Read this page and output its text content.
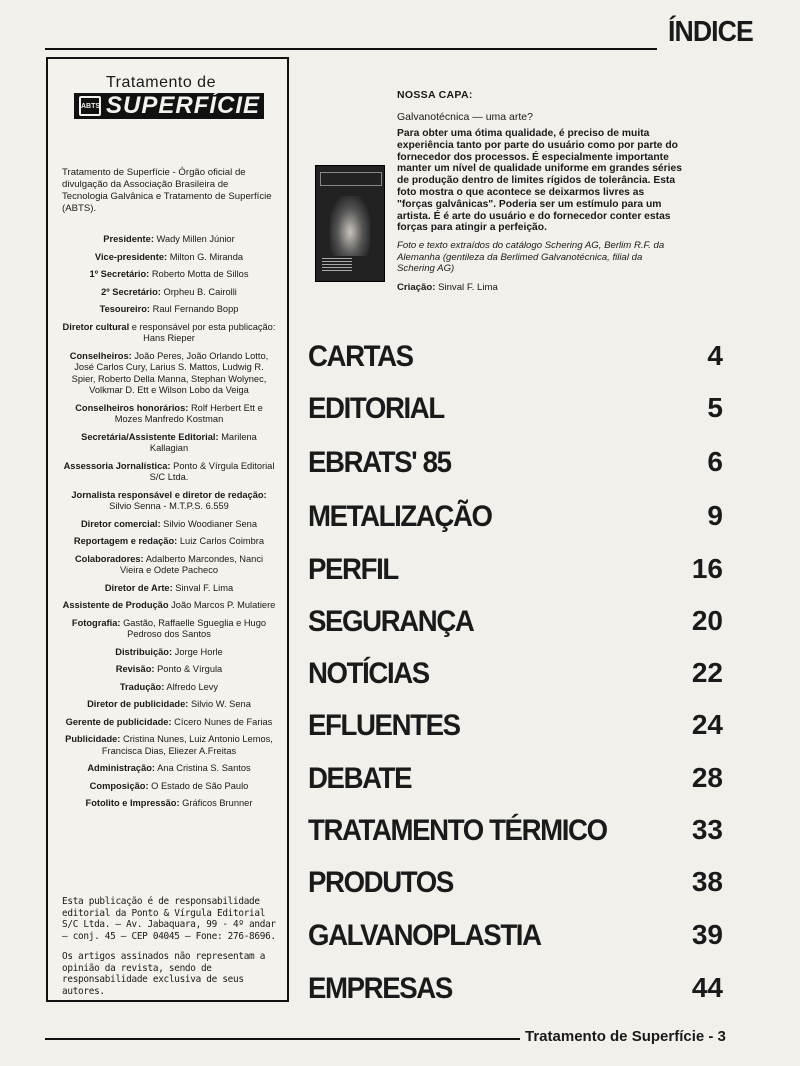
ÍNDICE
Tratamento de
ABTS SUPERFÍCIE
Tratamento de Superfície - Órgão oficial de divulgação da Associação Brasileira de Tecnologia Galvânica e Tratamento de Superfície (ABTS).
Presidente: Wady Millen Júnior
Vice-presidente: Milton G. Miranda
1º Secretário: Roberto Motta de Sillos
2º Secretário: Orpheu B. Cairolli
Tesoureiro: Raul Fernando Bopp
Diretor cultural e responsável por esta publicação: Hans Rieper
Conselheiros: João Peres, João Orlando Lotto, José Carlos Cury, Larius S. Mattos, Ludwig R. Spier, Roberto Della Manna, Stephan Wolynec, Volkmar D. Ett e Wilson Lobo da Veiga
Conselheiros honorários: Rolf Herbert Ett e Mozes Manfredo Kostman
Secretária/Assistente Editorial: Marilena Kallagian
Assessoria Jornalística: Ponto & Vírgula Editorial S/C Ltda.
Jornalista responsável e diretor de redação: Silvio Senna - M.T.P.S. 6.559
Diretor comercial: Silvio Woodianer Sena
Reportagem e redação: Luiz Carlos Coimbra
Colaboradores: Adalberto Marcondes, Nanci Vieira e Odete Pacheco
Diretor de Arte: Sinval F. Lima
Assistente de Produção João Marcos P. Mulatiere
Fotografia: Gastão, Raffaelle Sgueglia e Hugo Pedroso dos Santos
Distribuição: Jorge Horle
Revisão: Ponto & Vírgula
Tradução: Alfredo Levy
Diretor de publicidade: Silvio W. Sena
Gerente de publicidade: Cícero Nunes de Farias
Publicidade: Cristina Nunes, Luiz Antonio Lemos, Francisca Dias, Eliezer A.Freitas
Administração: Ana Cristina S. Santos
Composição: O Estado de São Paulo
Fotolito e Impressão: Gráficos Brunner

Esta publicação é de responsabilidade editorial da Ponto & Vírgula Editorial S/C Ltda. — Av. Jabaquara, 99 - 4º andar — conj. 45 — CEP 04045 — Fone: 276-8696.

Os artigos assinados não representam a opinião da revista, sendo de responsabilidade exclusiva de seus autores.

NOSSA CAPA:
Galvanotécnica — uma arte?
Para obter uma ótima qualidade, é preciso de muita experiência tanto por parte do usuário como por parte do fornecedor dos processos. É especialmente importante manter um nível de qualidade uniforme em grandes séries de produção dentro de limites rígidos de tolerância. Esta foto mostra o que acontece se deixarmos livres as "forças galvânicas". Poderia ser um estímulo para um artista. É é arte do usuário e do fornecedor conter estas forças para atingir a perfeição.
Foto e texto extraídos do catálogo Schering AG, Berlim R.F. da Alemanha (gentileza da Berlimed Galvanotécnica, filial da Schering AG)
Criação: Sinval F. Lima
CARTAS	4
EDITORIAL	5
EBRATS' 85	6
METALIZAÇÃO	9
PERFIL	16
SEGURANÇA	20
NOTÍCIAS	22
EFLUENTES	24
DEBATE	28
TRATAMENTO TÉRMICO	33
PRODUTOS	38
GALVANOPLASTIA	39
EMPRESAS	44
Tratamento de Superfície - 3
